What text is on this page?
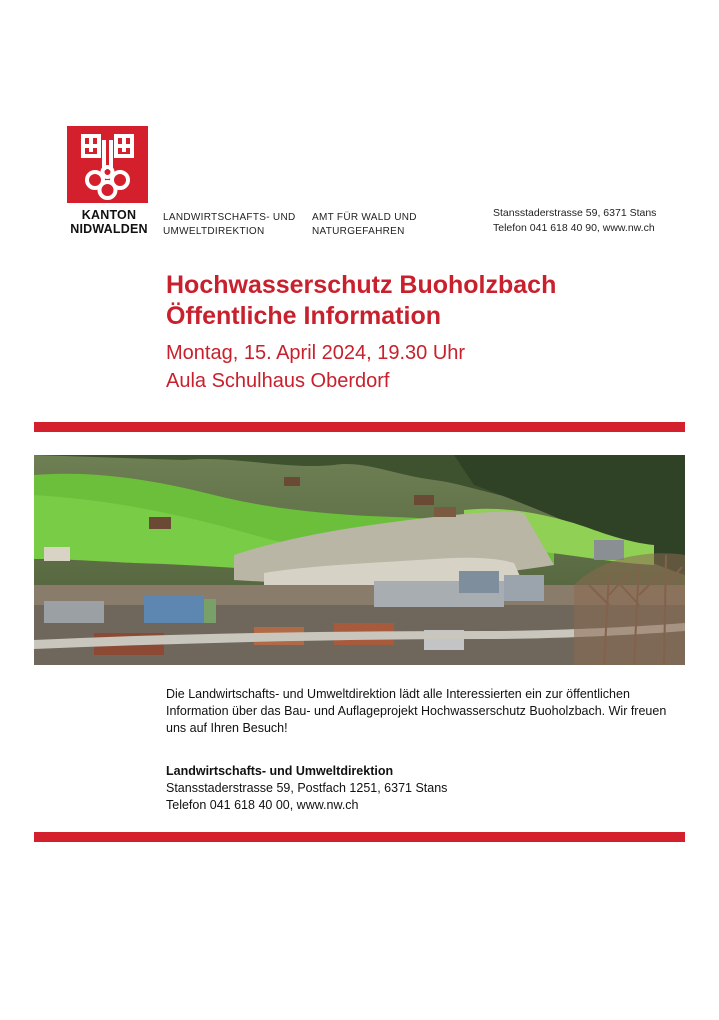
KANTON
NIDWALDEN
LANDWIRTSCHAFTS- UND
UMWELTDIREKTION
AMT FÜR WALD UND
NATURGEFAHREN
Stansstaderstrasse 59, 6371 Stans
Telefon 041 618 40 90, www.nw.ch
Hochwasserschutz Buoholzbach
Öffentliche Information
Montag, 15. April 2024, 19.30 Uhr
Aula Schulhaus Oberdorf
Die Landwirtschafts- und Umweltdirektion lädt alle Interessierten ein zur öffentlichen Information über das Bau- und Auflageprojekt Hochwasserschutz Buoholzbach. Wir freuen uns auf Ihren Besuch!
Landwirtschafts- und Umweltdirektion
Stansstaderstrasse 59, Postfach 1251, 6371 Stans
Telefon 041 618 40 00, www.nw.ch
